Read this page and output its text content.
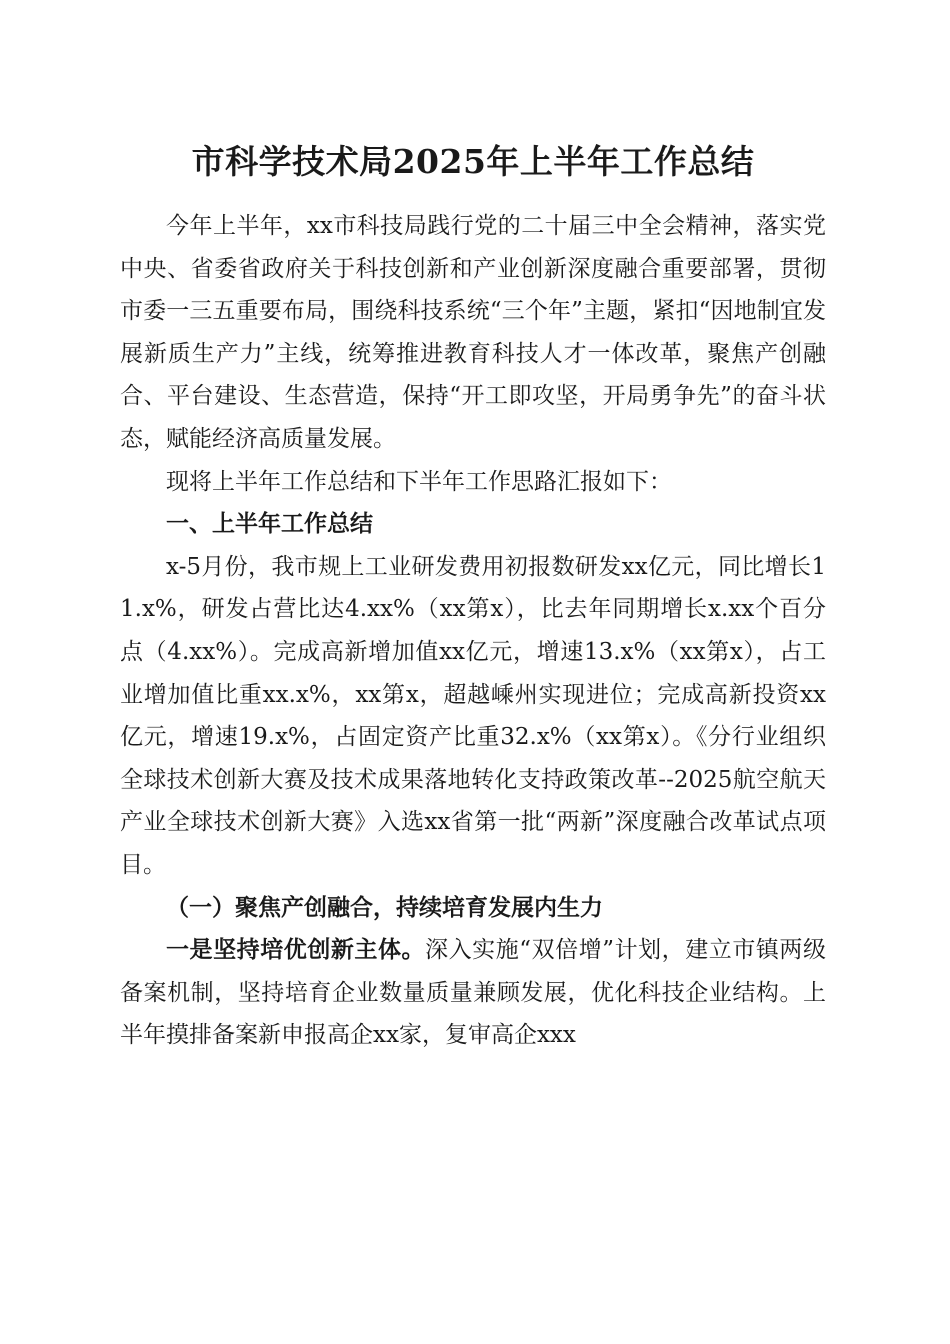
市科学技术局2025年上半年工作总结

今年上半年，xx市科技局践行党的二十届三中全会精神，落实党中央、省委省政府关于科技创新和产业创新深度融合重要部署，贯彻市委一三五重要布局，围绕科技系统“三个年”主题，紧扣“因地制宜发展新质生产力”主线，统筹推进教育科技人才一体改革，聚焦产创融合、平台建设、生态营造，保持“开工即攻坚，开局勇争先”的奋斗状态，赋能经济高质量发展。

现将上半年工作总结和下半年工作思路汇报如下：

一、上半年工作总结

x-5月份，我市规上工业研发费用初报数研发xx亿元，同比增长11.x%，研发占营比达4.xx%（xx第x），比去年同期增长x.xx个百分点（4.xx%）。完成高新增加值xx亿元，增速13.x%（xx第x），占工业增加值比重xx.x%，xx第x，超越嵊州实现进位；完成高新投资xx亿元，增速19.x%，占固定资产比重32.x%（xx第x）。《分行业组织全球技术创新大赛及技术成果落地转化支持政策改革--2025航空航天产业全球技术创新大赛》入选xx省第一批“两新”深度融合改革试点项目。

（一）聚焦产创融合，持续培育发展内生力

一是坚持培优创新主体。深入实施“双倍增”计划，建立市镇两级备案机制，坚持培育企业数量质量兼顾发展，优化科技企业结构。上半年摸排备案新申报高企xx家，复审高企xxx
